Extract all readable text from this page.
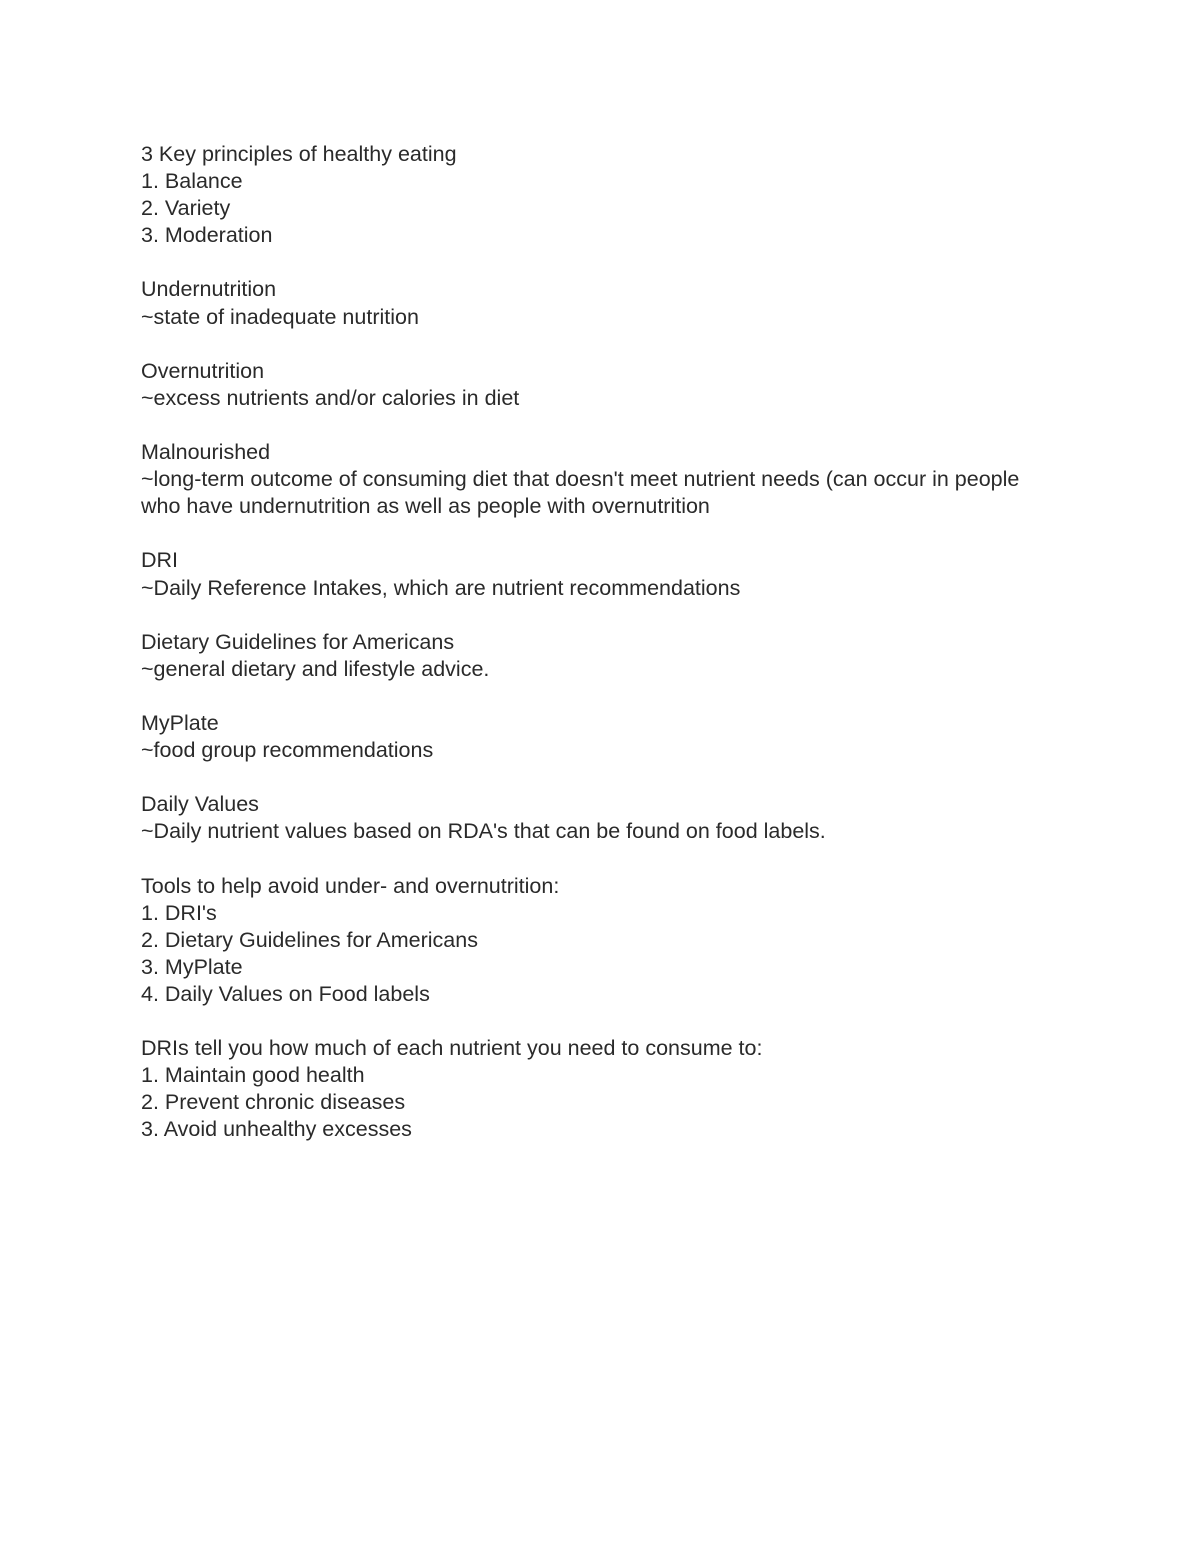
3 Key principles of healthy eating
1. Balance
2. Variety
3. Moderation
Undernutrition
~state of inadequate nutrition
Overnutrition
~excess nutrients and/or calories in diet
Malnourished
~long-term outcome of consuming diet that doesn't meet nutrient needs (can occur in people who have undernutrition as well as people with overnutrition
DRI
~Daily Reference Intakes, which are nutrient recommendations
Dietary Guidelines for Americans
~general dietary and lifestyle advice.
MyPlate
~food group recommendations
Daily Values
~Daily nutrient values based on RDA's that can be found on food labels.
Tools to help avoid under- and overnutrition:
1. DRI's
2. Dietary Guidelines for Americans
3. MyPlate
4. Daily Values on Food labels
DRIs tell you how much of each nutrient you need to consume to:
1. Maintain good health
2. Prevent chronic diseases
3. Avoid unhealthy excesses
